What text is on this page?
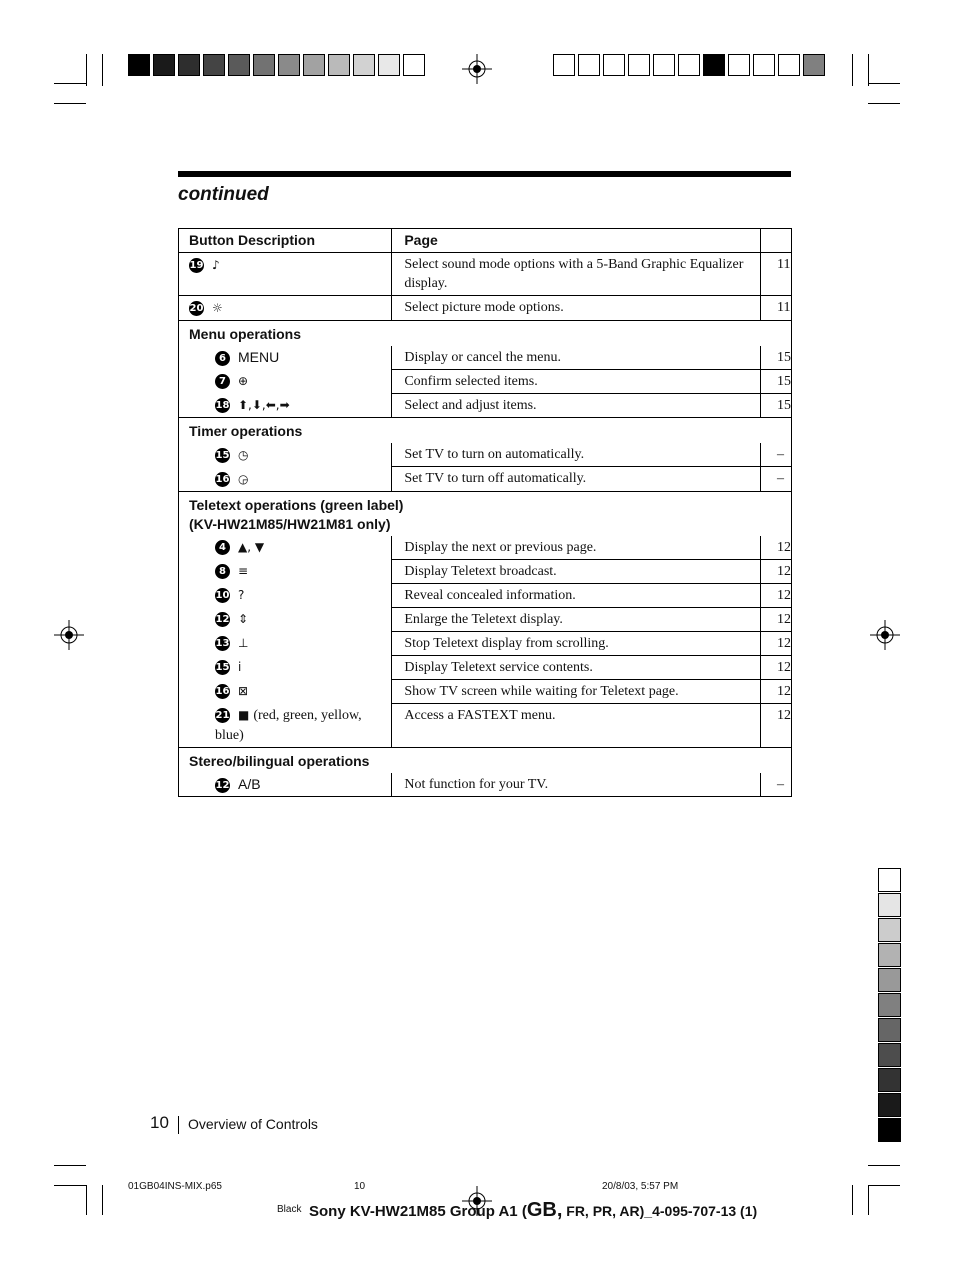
continued
Button Description	Page	
19 ♪	Select sound mode options with a 5-Band Graphic Equalizer display.	11
20 ☼	Select picture mode options.	11
Menu operations		
6 MENU	Display or cancel the menu.	15
7 ⊕	Confirm selected items.	15
18 ⬆,⬇,⬅,➡	Select and adjust items.	15
Timer operations		
15 ◷	Set TV to turn on automatically.	–
16 ◶	Set TV to turn off automatically.	–
Teletext operations (green label)
(KV-HW21M85/HW21M81 only)		
4 ▲, ▼	Display the next or previous page.	12
8 ≡	Display Teletext broadcast.	12
10 ?	Reveal concealed information.	12
12 ⇕	Enlarge the Teletext display.	12
13 ⊥	Stop Teletext display from scrolling.	12
15 i	Display Teletext service contents.	12
16 ⊠	Show TV screen while waiting for Teletext page.	12
21 ■ (red, green, yellow, blue)	Access a FASTEXT menu.	12
Stereo/bilingual operations		
12 A/B	Not function for your TV.	–
10 Overview of Controls
01GB04INS-MIX.p65	10	20/8/03, 5:57 PM
Black Sony KV-HW21M85 Group A1 (GB, FR, PR, AR)_4-095-707-13 (1)
